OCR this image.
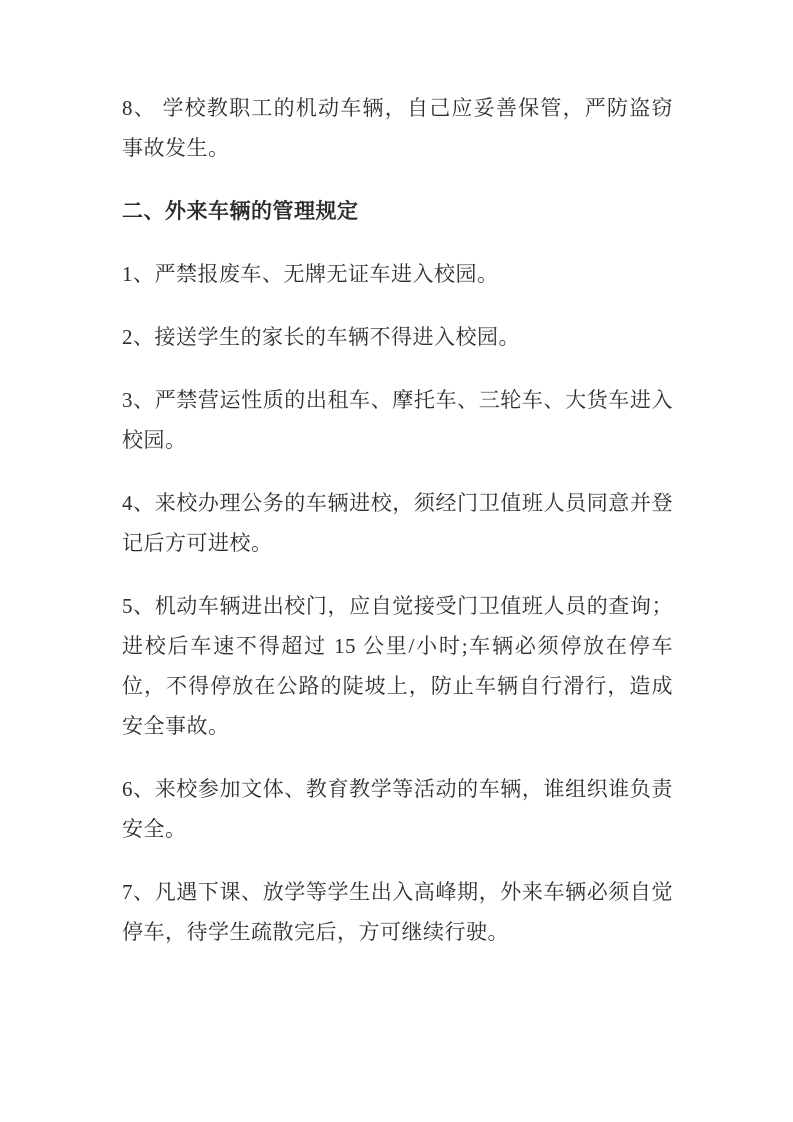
8、 学校教职工的机动车辆，自己应妥善保管，严防盗窃事故发生。

二、外来车辆的管理规定

1、严禁报废车、无牌无证车进入校园。

2、接送学生的家长的车辆不得进入校园。

3、严禁营运性质的出租车、摩托车、三轮车、大货车进入校园。

4、来校办理公务的车辆进校，须经门卫值班人员同意并登记后方可进校。

5、机动车辆进出校门，应自觉接受门卫值班人员的查询；进校后车速不得超过 15 公里/小时;车辆必须停放在停车位，不得停放在公路的陡坡上，防止车辆自行滑行，造成安全事故。

6、来校参加文体、教育教学等活动的车辆，谁组织谁负责安全。

7、凡遇下课、放学等学生出入高峰期，外来车辆必须自觉停车，待学生疏散完后，方可继续行驶。
